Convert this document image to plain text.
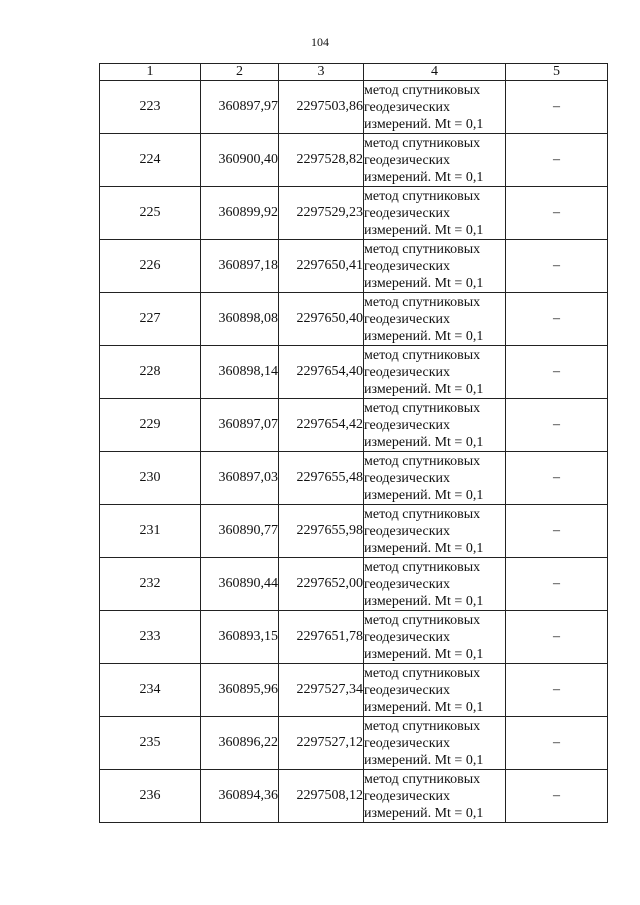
104
1	2	3	4	5
223	360897,97	2297503,86	метод спутниковых
геодезических
измерений. Mt = 0,1	–
224	360900,40	2297528,82	метод спутниковых
геодезических
измерений. Mt = 0,1	–
225	360899,92	2297529,23	метод спутниковых
геодезических
измерений. Mt = 0,1	–
226	360897,18	2297650,41	метод спутниковых
геодезических
измерений. Mt = 0,1	–
227	360898,08	2297650,40	метод спутниковых
геодезических
измерений. Mt = 0,1	–
228	360898,14	2297654,40	метод спутниковых
геодезических
измерений. Mt = 0,1	–
229	360897,07	2297654,42	метод спутниковых
геодезических
измерений. Mt = 0,1	–
230	360897,03	2297655,48	метод спутниковых
геодезических
измерений. Mt = 0,1	–
231	360890,77	2297655,98	метод спутниковых
геодезических
измерений. Mt = 0,1	–
232	360890,44	2297652,00	метод спутниковых
геодезических
измерений. Mt = 0,1	–
233	360893,15	2297651,78	метод спутниковых
геодезических
измерений. Mt = 0,1	–
234	360895,96	2297527,34	метод спутниковых
геодезических
измерений. Mt = 0,1	–
235	360896,22	2297527,12	метод спутниковых
геодезических
измерений. Mt = 0,1	–
236	360894,36	2297508,12	метод спутниковых
геодезических
измерений. Mt = 0,1	–
